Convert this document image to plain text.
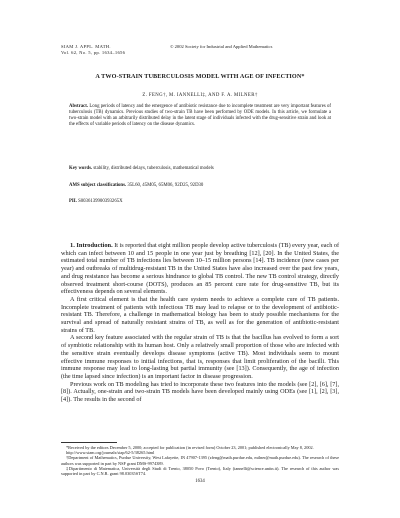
SIAM J. APPL. MATH.
Vol. 62, No. 5, pp. 1634–1656
© 2002 Society for Industrial and Applied Mathematics
A TWO-STRAIN TUBERCULOSIS MODEL WITH AGE OF INFECTION*
Z. FENG†, M. IANNELLI‡, AND F. A. MILNER†
Abstract. Long periods of latency and the emergence of antibiotic resistance due to incomplete treatment are very important features of tuberculosis (TB) dynamics. Previous studies of two-strain TB have been performed by ODE models. In this article, we formulate a two-strain model with an arbitrarily distributed delay in the latent stage of individuals infected with the drug-sensitive strain and look at the effects of variable periods of latency on the disease dynamics.
Key words. stability, distributed delays, tuberculosis, mathematical models
AMS subject classifications. 35L60, 45M05, 65M06, 92D25, 92D30
PII. S0036139900393265X

1. Introduction. It is reported that eight million people develop active tuberculosis (TB) every year, each of which can infect between 10 and 15 people in one year just by breathing [12], [20]. In the United States, the estimated total number of TB infections lies between 10–15 million persons [14]. TB incidence (new cases per year) and outbreaks of multidrug-resistant TB in the United States have also increased over the past few years, and drug resistance has become a serious hindrance to global TB control. The new TB control strategy, directly observed treatment short-course (DOTS), produces an 85 percent cure rate for drug-sensitive TB, but its effectiveness depends on several elements.

A first critical element is that the health care system needs to achieve a complete cure of TB patients. Incomplete treatment of patients with infectious TB may lead to relapse or to the development of antibiotic-resistant TB. Therefore, a challenge in mathematical biology has been to study possible mechanisms for the survival and spread of naturally resistant strains of TB, as well as for the generation of antibiotic-resistant strains of TB.

A second key feature associated with the regular strain of TB is that the bacillus has evolved to form a sort of symbiotic relationship with its human host. Only a relatively small proportion of those who are infected with the sensitive strain eventually develops disease symptoms (active TB). Most individuals seem to mount effective immune responses to initial infections, that is, responses that limit proliferation of the bacilli. This immune response may lead to long-lasting but partial immunity (see [13]). Consequently, the age of infection (the time lapsed since infection) is an important factor in disease progression.

Previous work on TB modeling has tried to incorporate these two features into the models (see [2], [6], [7], [8]). Actually, one-strain and two-strain TB models have been developed mainly using ODEs (see [1], [2], [3], [4]). The results in the second of

*Received by the editors December 5, 2000; accepted for publication (in revised form) October 23, 2001; published electronically May 8, 2002.

http://www.siam.org/journals/siap/62-5/38265.html

†Department of Mathematics, Purdue University, West Lafayette, IN 47907-1395 (zfeng@math.purdue.edu, milner@math.purdue.edu). The research of these authors was supported in part by NSF grant DMS-9974389.

‡Dipartimento di Matematica, Università degli Studi di Trento, 38050 Povo (Trento), Italy (iannelli@science.unitn.it). The research of this author was supported in part by C.N.R. grant 98.03035ST74.

1634
